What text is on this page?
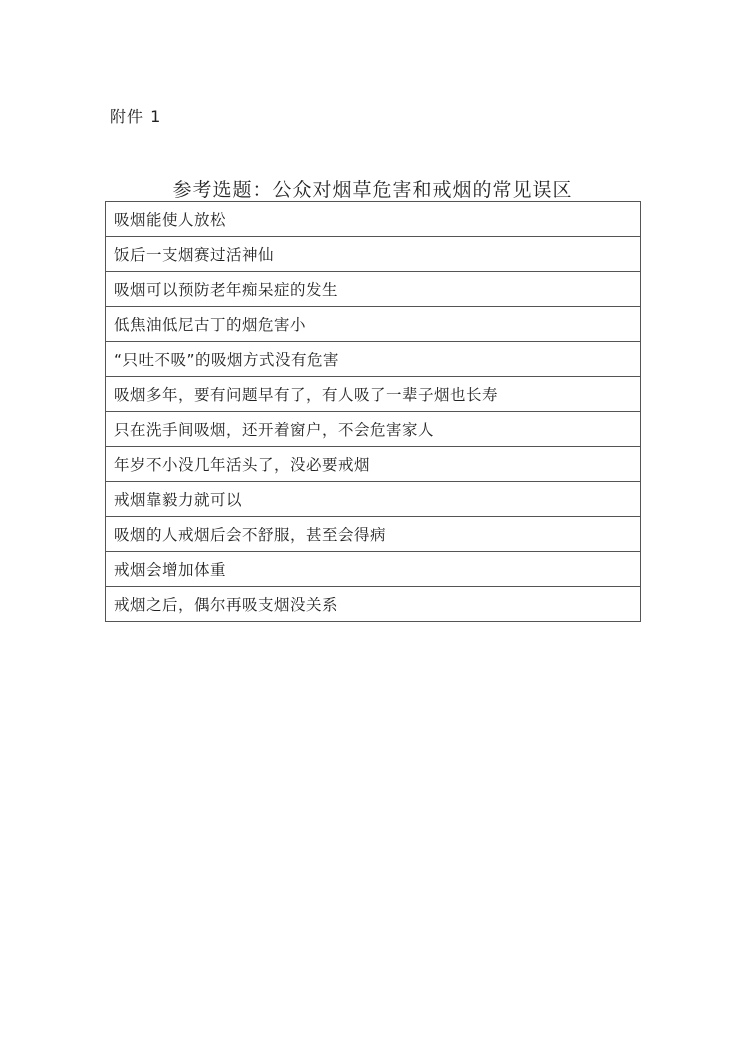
附件 1
参考选题：公众对烟草危害和戒烟的常见误区
吸烟能使人放松
饭后一支烟赛过活神仙
吸烟可以预防老年痴呆症的发生
低焦油低尼古丁的烟危害小
“只吐不吸”的吸烟方式没有危害
吸烟多年，要有问题早有了，有人吸了一辈子烟也长寿
只在洗手间吸烟，还开着窗户，不会危害家人
年岁不小没几年活头了，没必要戒烟
戒烟靠毅力就可以
吸烟的人戒烟后会不舒服，甚至会得病
戒烟会增加体重
戒烟之后，偶尔再吸支烟没关系
